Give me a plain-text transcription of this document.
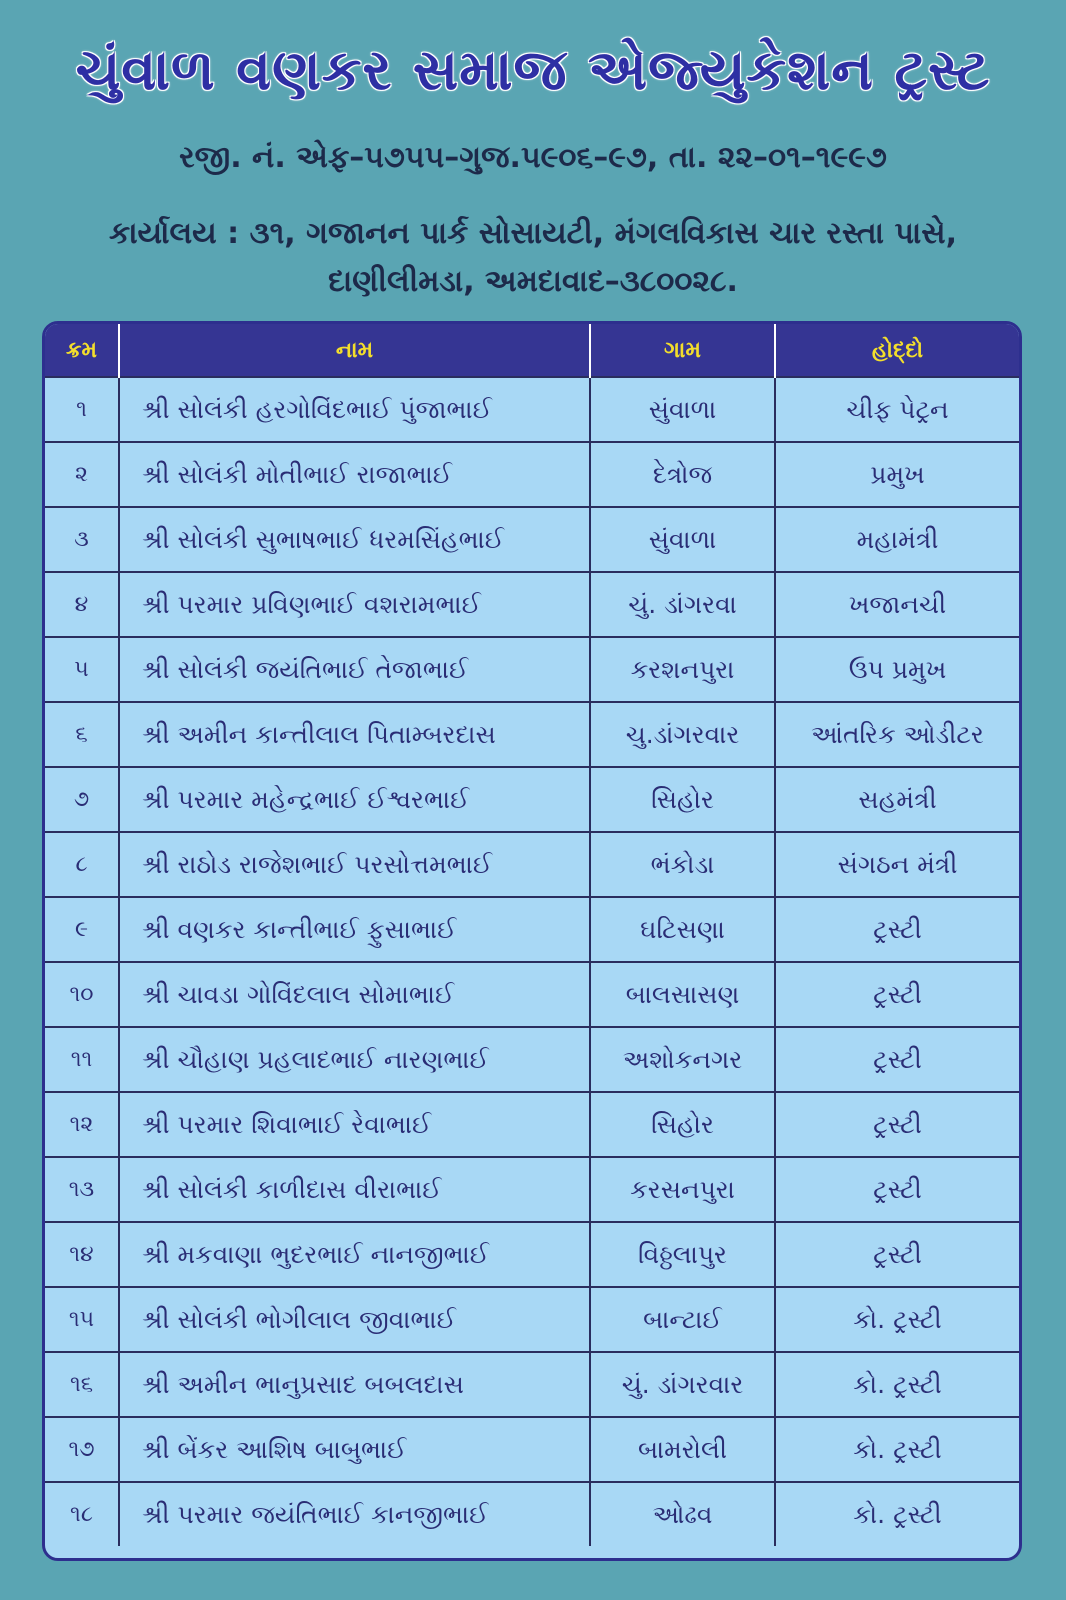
ચુંવાળ વણકર સમાજ એજ્યુકેશન ટ્રસ્ટ
રજી. નં. એફ–૫૭૫૫–ગુજ.૫૯૦૬–૯૭, તા. ૨૨–૦૧–૧૯૯૭
કાર્યાલય : ૩૧, ગજાનન પાર્ક સોસાયટી, મંગલવિકાસ ચાર રસ્તા પાસે,
દાણીલીમડા, અમદાવાદ–૩૮૦૦૨૮.
ક્રમ	નામ	ગામ	હોદ્દો
૧	શ્રી સોલંકી હરગોવિંદભાઈ પુંજાભાઈ	સુંવાળા	ચીફ પેટ્રન
૨	શ્રી સોલંકી મોતીભાઈ રાજાભાઈ	દેત્રોજ	પ્રમુખ
૩	શ્રી સોલંકી સુભાષભાઈ ધરમસિંહભાઈ	સુંવાળા	મહામંત્રી
૪	શ્રી પરમાર પ્રવિણભાઈ વશરામભાઈ	ચું. ડાંગરવા	ખજાનચી
૫	શ્રી સોલંકી જયંતિભાઈ તેજાભાઈ	કરશનપુરા	ઉપ પ્રમુખ
૬	શ્રી અમીન કાન્તીલાલ પિતામ્બરદાસ	ચુ.ડાંગરવાર	આંતરિક ઓડીટર
૭	શ્રી પરમાર મહેન્દ્રભાઈ ઈશ્વરભાઈ	સિહોર	સહમંત્રી
૮	શ્રી રાઠોડ રાજેશભાઈ પરસોત્તમભાઈ	ભંકોડા	સંગઠન મંત્રી
૯	શ્રી વણકર કાન્તીભાઈ ફુસાભાઈ	ઘટિસણા	ટ્રસ્ટી
૧૦	શ્રી ચાવડા ગોવિંદલાલ સોમાભાઈ	બાલસાસણ	ટ્રસ્ટી
૧૧	શ્રી ચૌહાણ પ્રહલાદભાઈ નારણભાઈ	અશોકનગર	ટ્રસ્ટી
૧૨	શ્રી પરમાર શિવાભાઈ રેવાભાઈ	સિહોર	ટ્રસ્ટી
૧૩	શ્રી સોલંકી કાળીદાસ વીરાભાઈ	કરસનપુરા	ટ્રસ્ટી
૧૪	શ્રી મકવાણા ભુદરભાઈ નાનજીભાઈ	વિઠ્ઠલાપુર	ટ્રસ્ટી
૧૫	શ્રી સોલંકી ભોગીલાલ જીવાભાઈ	બાન્ટાઈ	કો. ટ્રસ્ટી
૧૬	શ્રી અમીન ભાનુપ્રસાદ બબલદાસ	ચું. ડાંગરવાર	કો. ટ્રસ્ટી
૧૭	શ્રી બેંકર આશિષ બાબુભાઈ	બામરોલી	કો. ટ્રસ્ટી
૧૮	શ્રી પરમાર જયંતિભાઈ કાનજીભાઈ	ઓઢવ	કો. ટ્રસ્ટી
